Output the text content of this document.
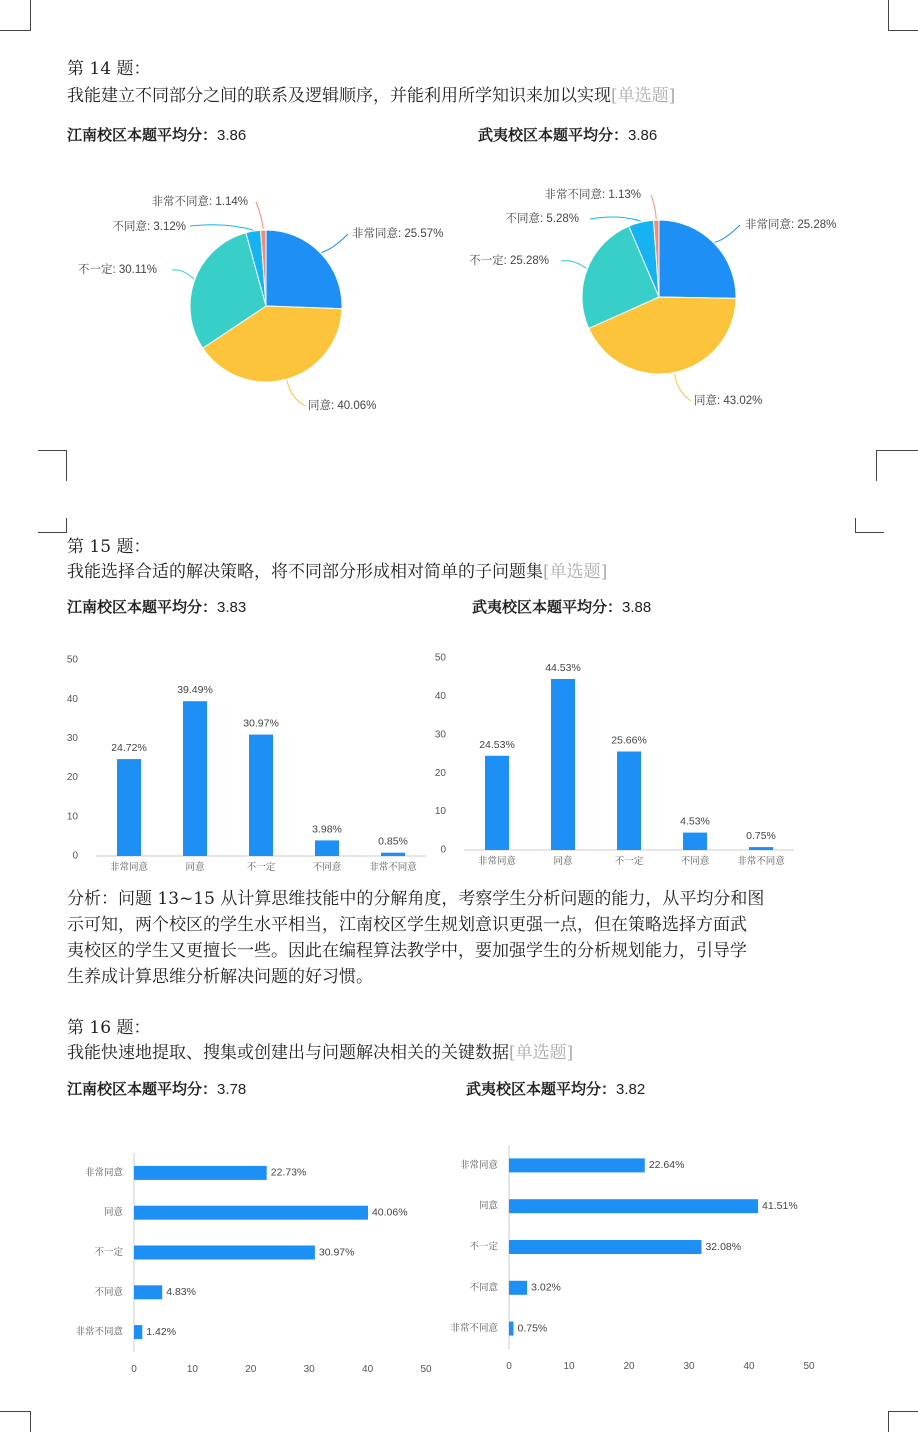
第 14 题：
我能建立不同部分之间的联系及逻辑顺序，并能利用所学知识来加以实现[单选题]
江南校区本题平均分：3.86	武夷校区本题平均分：3.86
非常同意: 25.57%
同意: 40.06%
不一定: 30.11%
不同意: 3.12%
非常不同意: 1.14%
非常同意: 25.28%
同意: 43.02%
不一定: 25.28%
不同意: 5.28%
非常不同意: 1.13%
第 15 题：
我能选择合适的解决策略，将不同部分形成相对简单的子问题集[单选题]
江南校区本题平均分：3.83	武夷校区本题平均分：3.88
0
10
20
30
40
50
24.72%
非常同意
39.49%
同意
30.97%
不一定
3.98%
不同意
0.85%
非常不同意
0
10
20
30
40
50
24.53%
非常同意
44.53%
同意
25.66%
不一定
4.53%
不同意
0.75%
非常不同意
分析：问题 13~15 从计算思维技能中的分解角度，考察学生分析问题的能力，从平均分和图
示可知，两个校区的学生水平相当，江南校区学生规划意识更强一点，但在策略选择方面武
夷校区的学生又更擅长一些。因此在编程算法教学中，要加强学生的分析规划能力，引导学
生养成计算思维分析解决问题的好习惯。
第 16 题：
我能快速地提取、搜集或创建出与问题解决相关的关键数据[单选题]
江南校区本题平均分：3.78	武夷校区本题平均分：3.82
0	10	20	30	40	50
22.73%
非常同意
40.06%
同意
30.97%
不一定
4.83%
不同意
1.42%
非常不同意
0	10	20	30	40	50
22.64%
非常同意
41.51%
同意
32.08%
不一定
3.02%
不同意
0.75%
非常不同意
